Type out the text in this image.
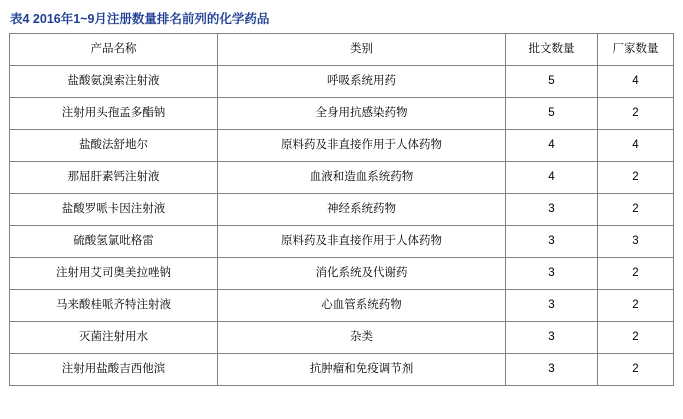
表4 2016年1~9月注册数量排名前列的化学药品
产品名称	类别	批文数量	厂家数量
盐酸氨溴索注射液	呼吸系统用药	5	4
注射用头孢孟多酯钠	全身用抗感染药物	5	2
盐酸法舒地尔	原料药及非直接作用于人体药物	4	4
那屈肝素钙注射液	血液和造血系统药物	4	2
盐酸罗哌卡因注射液	神经系统药物	3	2
硫酸氢氯吡格雷	原料药及非直接作用于人体药物	3	3
注射用艾司奥美拉唑钠	消化系统及代谢药	3	2
马来酸桂哌齐特注射液	心血管系统药物	3	2
灭菌注射用水	杂类	3	2
注射用盐酸吉西他滨	抗肿瘤和免疫调节剂	3	2
